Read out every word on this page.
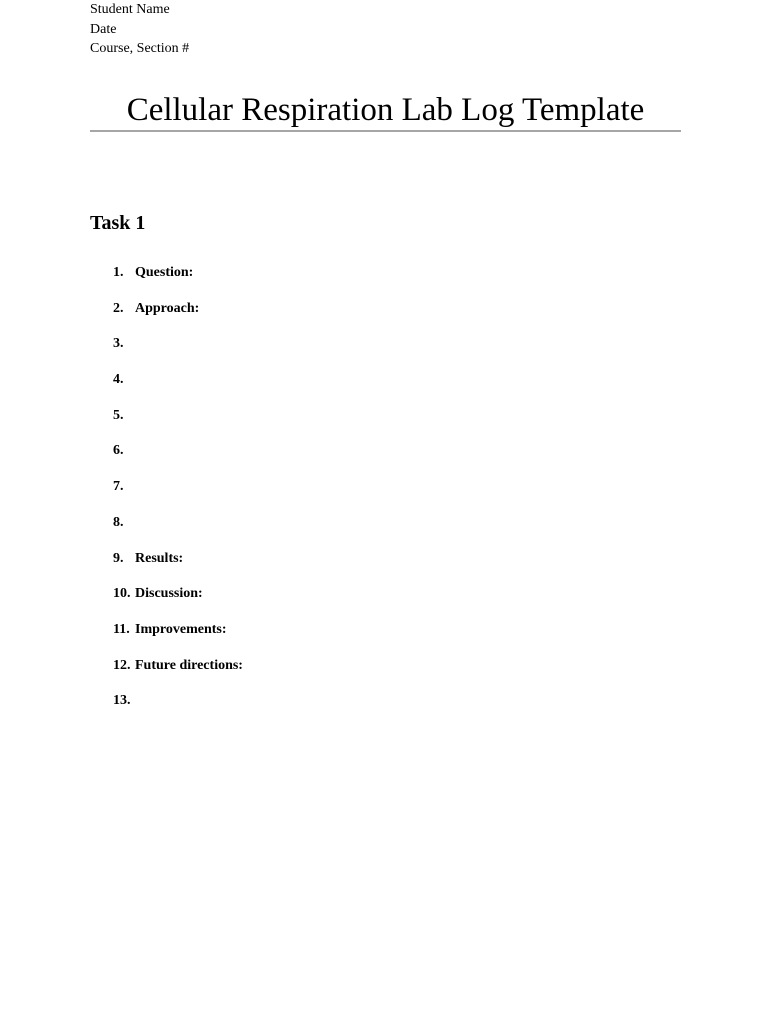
Student Name
Date
Course, Section #
Cellular Respiration Lab Log Template
Task 1
1. Question:
2. Approach:
3.
4.
5.
6.
7.
8.
9. Results:
10. Discussion:
11. Improvements:
12. Future directions:
13.
